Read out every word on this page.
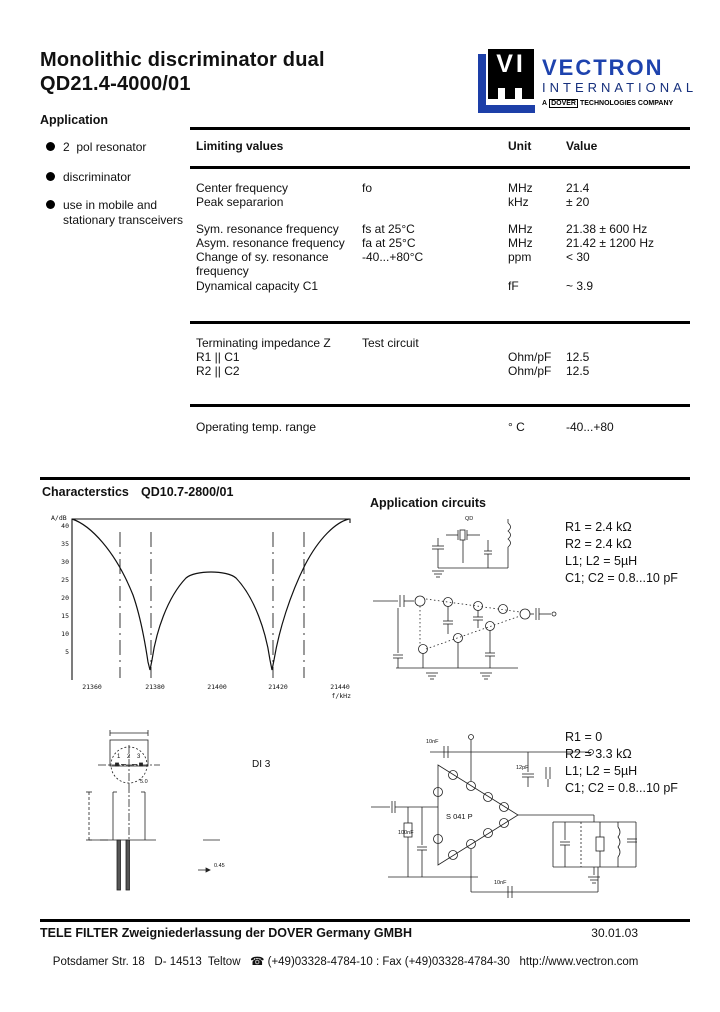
Monolithic discriminator dual
QD21.4-4000/01
VI VECTRON
INTERNATIONAL
A DOVER TECHNOLOGIES COMPANY
Application
2  pol resonator
discriminator
use in mobile and stationary transceivers
Limiting values	Unit	Value
Center frequency	fo	MHz	21.4
Peak separarion	kHz	± 20
Sym. resonance frequency	fs at 25°C	MHz	21.38 ± 600 Hz
Asym. resonance frequency	fa at 25°C	MHz	21.42 ± 1200 Hz
Change of sy. resonance frequency
-40...+80°C	ppm	< 30
Dynamical capacity C1	fF	~ 3.9
Terminating impedance Z	Test circuit
R1 || C1	Ohm/pF 12.5
R2 || C2	Ohm/pF 12.5
Operating temp. range	° C	-40...+80
Characterstics QD10.7-2800/01
A/dB
40
35
30
25
20
15
10
5
21360	21380	21400	21420	21440
f/kHz
Application circuits
QD
R1 = 2.4 kΩ
R2 = 2.4 kΩ
L1; L2 = 5µH
C1; C2 = 0.8...10 pF
1 2 3
5.0
0.45
DI 3
S 041 P
10nF
12pF
100nF
10nF
R1 = 0
R2 = 3.3 kΩ
L1; L2 = 5µH
C1; C2 = 0.8...10 pF
TELE FILTER Zweigniederlassung der DOVER Germany GMBH	30.01.03

Potsdamer Str. 18   D- 14513  Teltow   ☎ (+49)03328-4784-10 : Fax (+49)03328-4784-30   http://www.vectron.com
